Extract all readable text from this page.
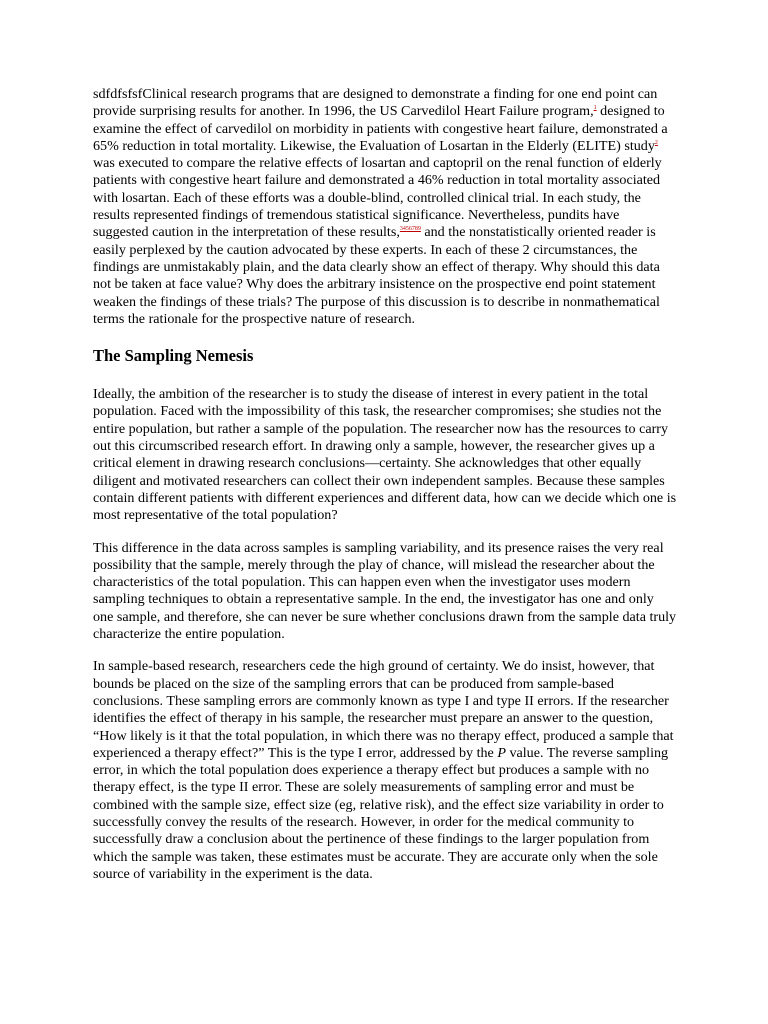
sdfdfsfsfClinical research programs that are designed to demonstrate a finding for one end point can provide surprising results for another. In 1996, the US Carvedilol Heart Failure program,$^1$ designed to examine the effect of carvedilol on morbidity in patients with congestive heart failure, demonstrated a 65% reduction in total mortality. Likewise, the Evaluation of Losartan in the Elderly (ELITE) study$^2$ was executed to compare the relative effects of losartan and captopril on the renal function of elderly patients with congestive heart failure and demonstrated a 46% reduction in total mortality associated with losartan. Each of these efforts was a double-blind, controlled clinical trial. In each study, the results represented findings of tremendous statistical significance. Nevertheless, pundits have suggested caution in the interpretation of these results,$^{3456789}$ and the nonstatistically oriented reader is easily perplexed by the caution advocated by these experts. In each of these 2 circumstances, the findings are unmistakably plain, and the data clearly show an effect of therapy. Why should this data not be taken at face value? Why does the arbitrary insistence on the prospective end point statement weaken the findings of these trials? The purpose of this discussion is to describe in nonmathematical terms the rationale for the prospective nature of research.

The Sampling Nemesis

Ideally, the ambition of the researcher is to study the disease of interest in every patient in the total population. Faced with the impossibility of this task, the researcher compromises; she studies not the entire population, but rather a sample of the population. The researcher now has the resources to carry out this circumscribed research effort. In drawing only a sample, however, the researcher gives up a critical element in drawing research conclusions—certainty. She acknowledges that other equally diligent and motivated researchers can collect their own independent samples. Because these samples contain different patients with different experiences and different data, how can we decide which one is most representative of the total population?

This difference in the data across samples is sampling variability, and its presence raises the very real possibility that the sample, merely through the play of chance, will mislead the researcher about the characteristics of the total population. This can happen even when the investigator uses modern sampling techniques to obtain a representative sample. In the end, the investigator has one and only one sample, and therefore, she can never be sure whether conclusions drawn from the sample data truly characterize the entire population.

In sample-based research, researchers cede the high ground of certainty. We do insist, however, that bounds be placed on the size of the sampling errors that can be produced from sample-based conclusions. These sampling errors are commonly known as type I and type II errors. If the researcher identifies the effect of therapy in his sample, the researcher must prepare an answer to the question, “How likely is it that the total population, in which there was no therapy effect, produced a sample that experienced a therapy effect?” This is the type I error, addressed by the P value. The reverse sampling error, in which the total population does experience a therapy effect but produces a sample with no therapy effect, is the type II error. These are solely measurements of sampling error and must be combined with the sample size, effect size (eg, relative risk), and the effect size variability in order to successfully convey the results of the research. However, in order for the medical community to successfully draw a conclusion about the pertinence of these findings to the larger population from which the sample was taken, these estimates must be accurate. They are accurate only when the sole source of variability in the experiment is the data.
